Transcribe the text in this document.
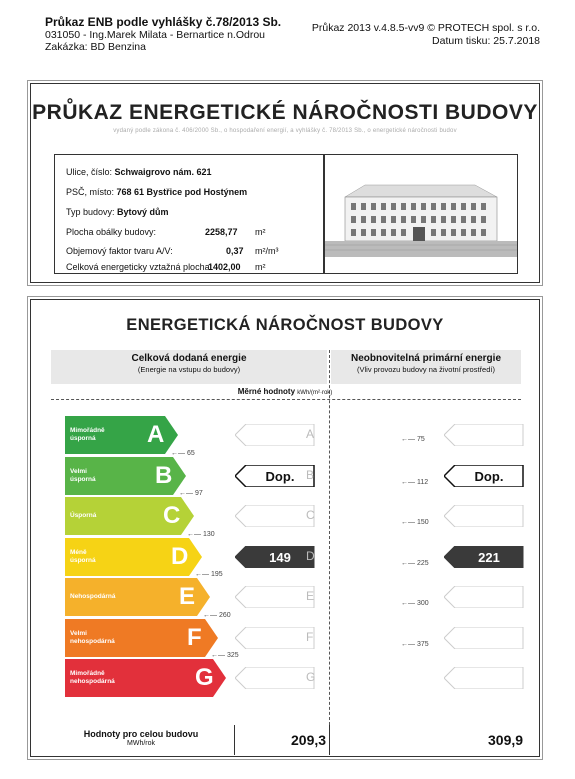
Průkaz ENB podle vyhlášky č.78/2013 Sb.
031050 - Ing.Marek Milata - Bernartice n.Odrou
Zakázka: BD Benzina
Průkaz 2013 v.4.8.5-vv9 © PROTECH spol. s r.o.
Datum tisku: 25.7.2018
PRŮKAZ ENERGETICKÉ NÁROČNOSTI BUDOVY
vydaný podle zákona č. 406/2000 Sb., o hospodaření energií, a vyhlášky č. 78/2013 Sb., o energetické náročnosti budov
Ulice, číslo: Schwaigrovo nám. 621
PSČ, místo: 768 61 Bystřice pod Hostýnem
Typ budovy: Bytový dům
Plocha obálky budovy:	2258,77 m²
Objemový faktor tvaru A/V:	0,37 m²/m³
Celková energeticky vztažná plocha:
1402,00 m²
ENERGETICKÁ NÁROČNOST BUDOVY
Celková dodaná energie
(Energie na vstupu do budovy)
Neobnovitelná primární energie
(Vliv provozu budovy na životní prostředí)
Měrné hodnoty kWh/(m²·rok)
Mimořádně
úsporná	A
Velmi
úsporná B
Úsporná	C
Méně úsporná	D
Nehospodárná	E
Velmi
nehospodárná	F
Mimořádně
nehospodárná	G
←— 65
←— 97
←— 130
←— 195
←— 260
←— 325
←— 75
←— 112
←— 150
←— 225
←— 300
←— 375
A
Dop.	Dop.
B
C
149	221
D
E
F
G
Hodnoty pro celou budovu
MWh/rok	209,3	309,9
